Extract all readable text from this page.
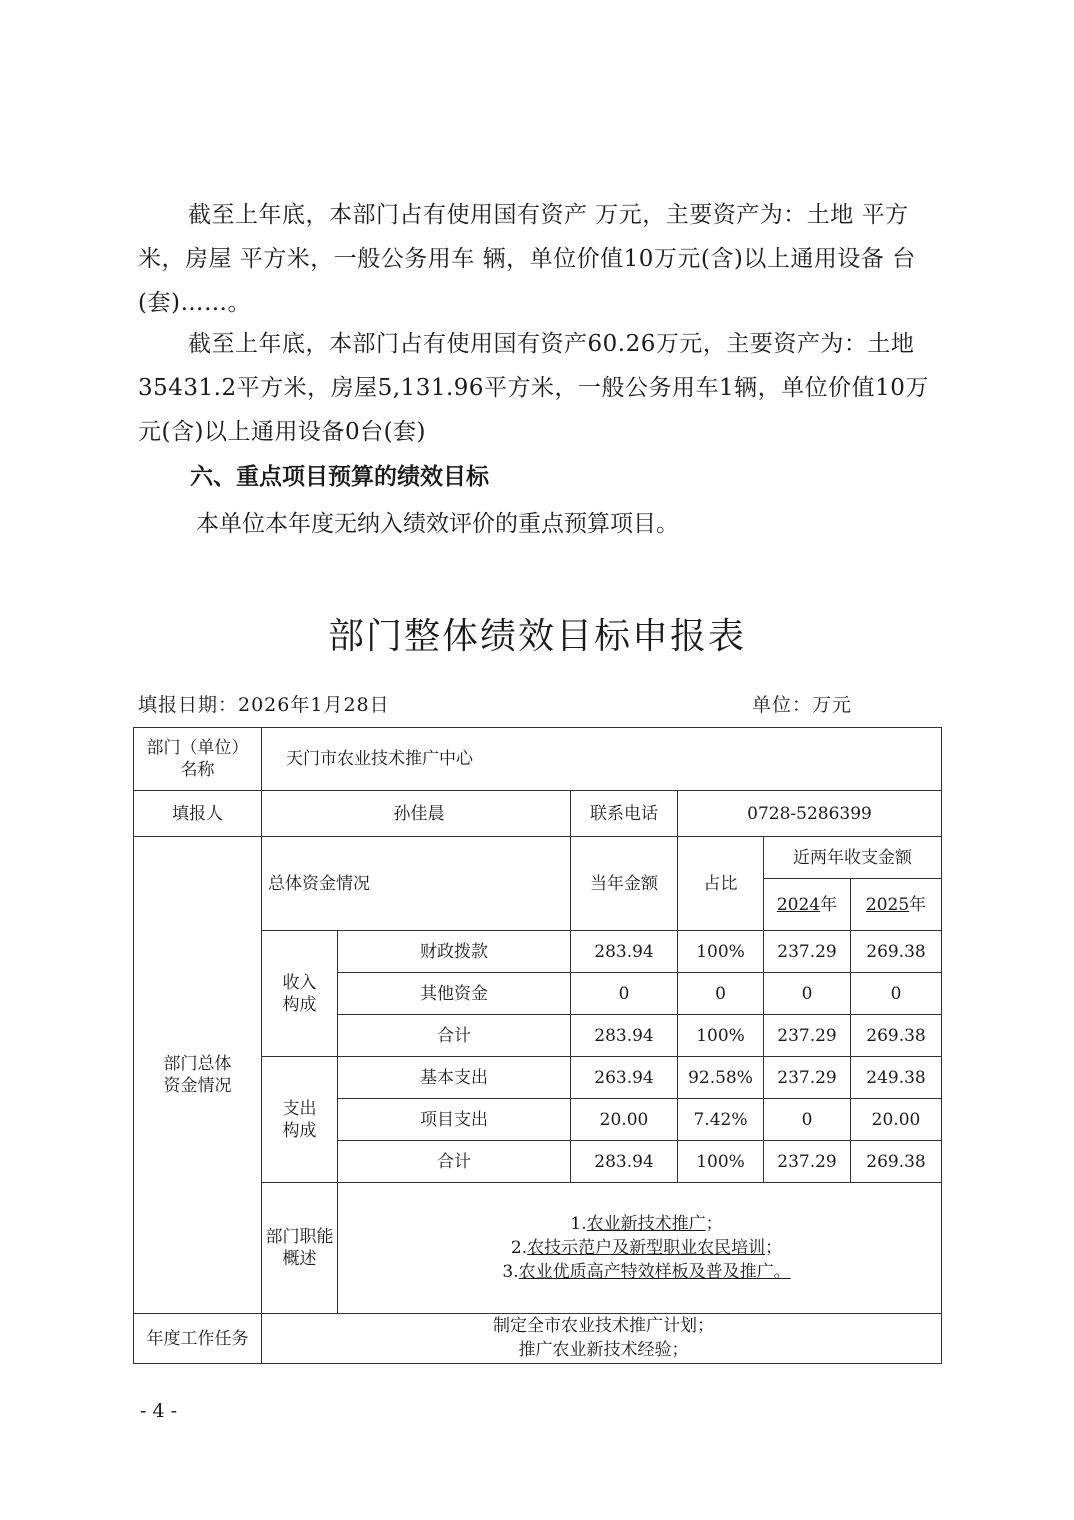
截至上年底，本部门占有使用国有资产 万元，主要资产为：土地 平方米，房屋 平方米，一般公务用车 辆，单位价值10万元(含)以上通用设备 台(套)……。
截至上年底，本部门占有使用国有资产60.26万元，主要资产为：土地35431.2平方米，房屋5,131.96平方米，一般公务用车1辆，单位价值10万元(含)以上通用设备0台(套)
六、重点项目预算的绩效目标
本单位本年度无纳入绩效评价的重点预算项目。
部门整体绩效目标申报表
填报日期：2026年1月28日	单位：万元
部门（单位）名称	天门市农业技术推广中心					
填报人	孙佳晨		联系电话	0728-5286399		

部门总体资金情况	总体资金情况		当年金额	占比	近两年收支金额	
					2024年	2025年

	收入构成	财政拨款	283.94	100%	237.29	269.38
		其他资金	0	0	0	0
		合计	283.94	100%	237.29	269.38

	支出构成	基本支出	263.94	92.58%	237.29	249.38
		项目支出	20.00	7.42%	0	20.00
		合计	283.94	100%	237.29	269.38
	部门职能概述	1.农业新技术推广；
2.农技示范户及新型职业农民培训；
3.农业优质高产特效样板及普及推广。				

年度工作任务	制定全市农业技术推广计划；
推广农业新技术经验；					
- 4 -
